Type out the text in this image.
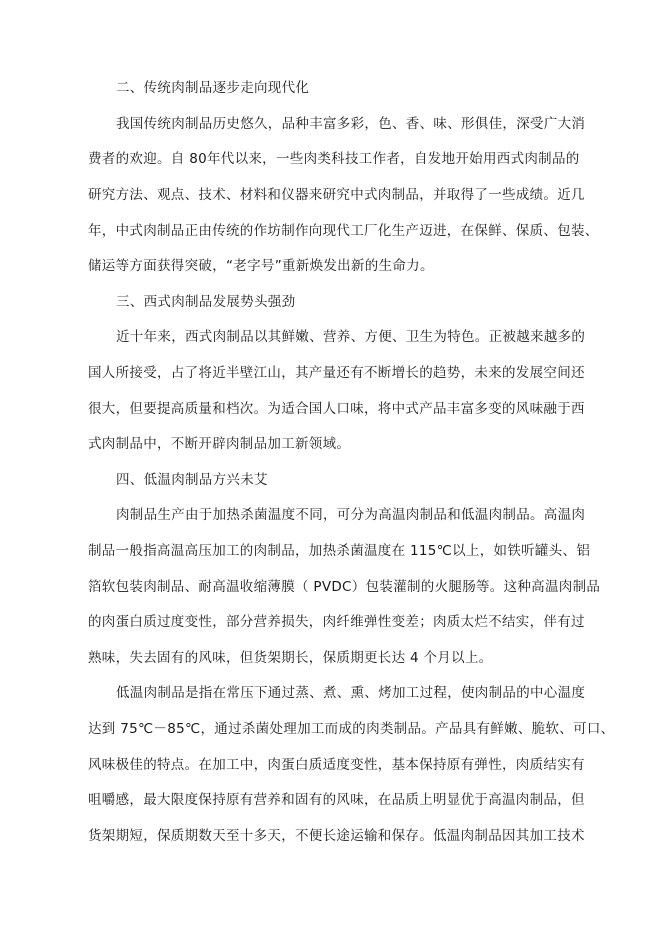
二、传统肉制品逐步走向现代化
我国传统肉制品历史悠久，品种丰富多彩，色、香、味、形俱佳，深受广大消
费者的欢迎。自 80年代以来，一些肉类科技工作者，自发地开始用西式肉制品的
研究方法、观点、技术、材料和仪器来研究中式肉制品，并取得了一些成绩。近几
年，中式肉制品正由传统的作坊制作向现代工厂化生产迈进，在保鲜、保质、包装、
储运等方面获得突破，“老字号”重新焕发出新的生命力。
三、西式肉制品发展势头强劲
近十年来，西式肉制品以其鲜嫩、营养、方便、卫生为特色。正被越来越多的
国人所接受，占了将近半壁江山，其产量还有不断增长的趋势，未来的发展空间还
很大，但要提高质量和档次。为适合国人口味，将中式产品丰富多变的风味融于西
式肉制品中，不断开辟肉制品加工新领域。
四、低温肉制品方兴未艾
肉制品生产由于加热杀菌温度不同，可分为高温肉制品和低温肉制品。高温肉
制品一般指高温高压加工的肉制品，加热杀菌温度在 115℃以上，如铁听罐头、铝
箔软包装肉制品、耐高温收缩薄膜（ PVDC）包装灌制的火腿肠等。这种高温肉制品
的肉蛋白质过度变性，部分营养损失，肉纤维弹性变差；肉质太烂不结实，伴有过
熟味，失去固有的风味，但货架期长，保质期更长达 4 个月以上。
低温肉制品是指在常压下通过蒸、煮、熏、烤加工过程，使肉制品的中心温度
达到 75℃－85℃，通过杀菌处理加工而成的肉类制品。产品具有鲜嫩、脆软、可口、
风味极佳的特点。在加工中，肉蛋白质适度变性，基本保持原有弹性，肉质结实有
咀嚼感，最大限度保持原有营养和固有的风味，在品质上明显优于高温肉制品，但
货架期短，保质期数天至十多天，不便长途运输和保存。低温肉制品因其加工技术
